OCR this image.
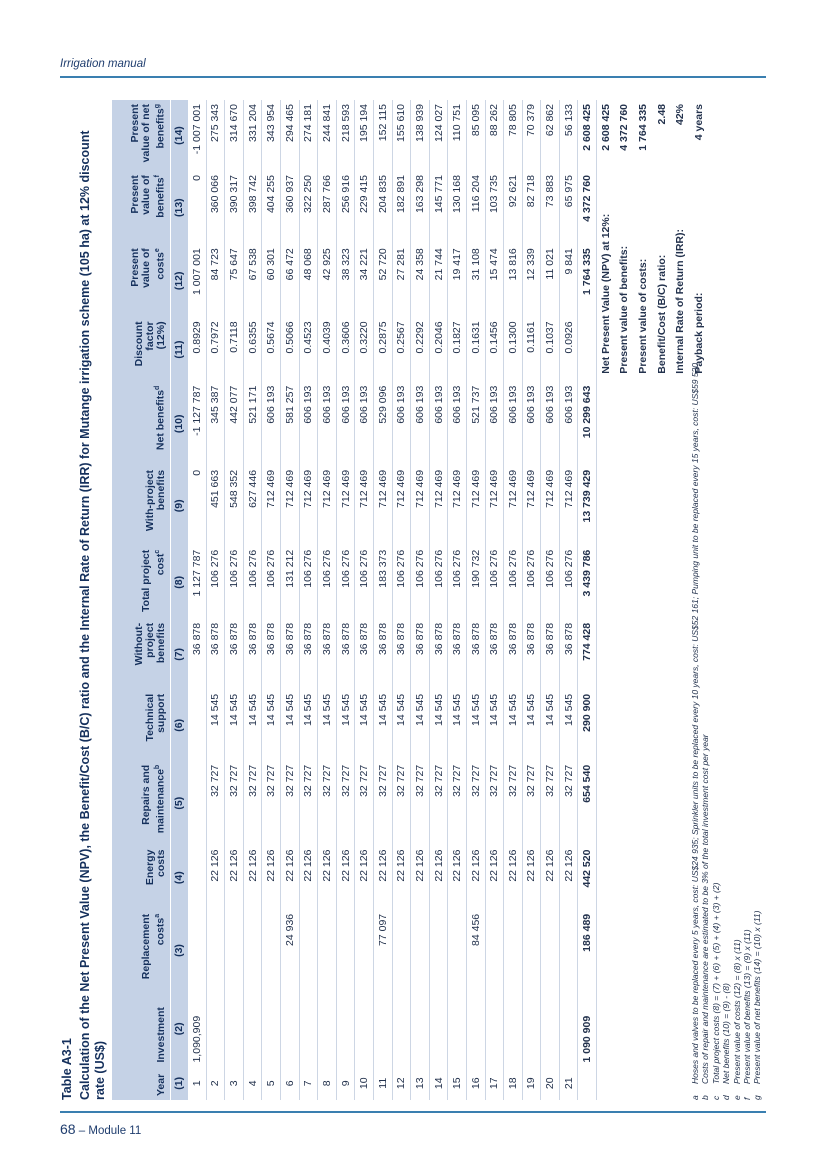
Irrigation manual
Table A3-1 Calculation of the Net Present Value (NPV), the Benefit/Cost (B/C) ratio and the Internal Rate of Return (IRR) for Mutange irrigation scheme (105 ha) at 12% discount rate (US$)	Year	Investment	Replacement costs$^a$	Energy costs	Repairs and maintenance$^b$	Technical support	Without-project benefits	Total project cost$^c$	With-project benefits	Net benefits$^d$	Discount factor (12%)	Present value of costs$^e$	Present value of benefits$^f$	Present value of net benefits$^g$
(1)	(2)	(3)	(4)	(5)	(6)	(7)	(8)	(9)	(10)	(11)	(12)	(13)	(14)
1	1,090,909					36 878	1 127 787	0	-1 127 787	0.8929	1 007 001	0	-1 007 001
2			22 126	32 727	14 545	36 878	106 276	451 663	345 387	0.7972	84 723	360 066	275 343
3			22 126	32 727	14 545	36 878	106 276	548 352	442 077	0.7118	75 647	390 317	314 670
4			22 126	32 727	14 545	36 878	106 276	627 446	521 171	0.6355	67 538	398 742	331 204
5			22 126	32 727	14 545	36 878	106 276	712 469	606 193	0.5674	60 301	404 255	343 954
6		24 936	22 126	32 727	14 545	36 878	131 212	712 469	581 257	0.5066	66 472	360 937	294 465
7			22 126	32 727	14 545	36 878	106 276	712 469	606 193	0.4523	48 068	322 250	274 181
8			22 126	32 727	14 545	36 878	106 276	712 469	606 193	0.4039	42 925	287 766	244 841
9			22 126	32 727	14 545	36 878	106 276	712 469	606 193	0.3606	38 323	256 916	218 593
10			22 126	32 727	14 545	36 878	106 276	712 469	606 193	0.3220	34 221	229 415	195 194
11		77 097	22 126	32 727	14 545	36 878	183 373	712 469	529 096	0.2875	52 720	204 835	152 115
12			22 126	32 727	14 545	36 878	106 276	712 469	606 193	0.2567	27 281	182 891	155 610
13			22 126	32 727	14 545	36 878	106 276	712 469	606 193	0.2292	24 358	163 298	138 939
14			22 126	32 727	14 545	36 878	106 276	712 469	606 193	0.2046	21 744	145 771	124 027
15			22 126	32 727	14 545	36 878	106 276	712 469	606 193	0.1827	19 417	130 168	110 751
16		84 456	22 126	32 727	14 545	36 878	190 732	712 469	521 737	0.1631	31 108	116 204	85 095
17			22 126	32 727	14 545	36 878	106 276	712 469	606 193	0.1456	15 474	103 735	88 262
18			22 126	32 727	14 545	36 878	106 276	712 469	606 193	0.1300	13 816	92 621	78 805
19			22 126	32 727	14 545	36 878	106 276	712 469	606 193	0.1161	12 339	82 718	70 379
20			22 126	32 727	14 545	36 878	106 276	712 469	606 193	0.1037	11 021	73 883	62 862
21			22 126	32 727	14 545	36 878	106 276	712 469	606 193	0.0926	9 841	65 975	56 133
	1 090 909	186 489	442 520	654 540	290 900	774 428	3 439 786	13 739 429	10 299 643		1 764 335	4 372 760	2 608 425
										Net Present Value (NPV) at 12%:			2 608 425
										Present value of benefits:			4 372 760
										Present value of costs:			1 764 335
										Benefit/Cost (B/C) ratio:			2.48
										Internal Rate of Return (IRR):			42%
										Payback period:			4 years
a
Hoses and valves to be replaced every 5 years, cost: US$24 935; Sprinkler units to be replaced every 10 years, cost: US$52 161; Pumping unit to be replaced every 15 years, cost: US$59 520
b
Costs of repair and maintenance are estimated to be 3% of the total investment cost per year
c
Total project costs (8) = (7) + (6) + (5) + (4) + (3) + (2)
d
Net benefits (10) = (9) - (8)
e
Present value of costs (12) = (8) x (11)
f
Present value of benefits (13) = (9) x (11)
g
Present value of net benefits (14) = (10) x (11)
68 – Module 11
